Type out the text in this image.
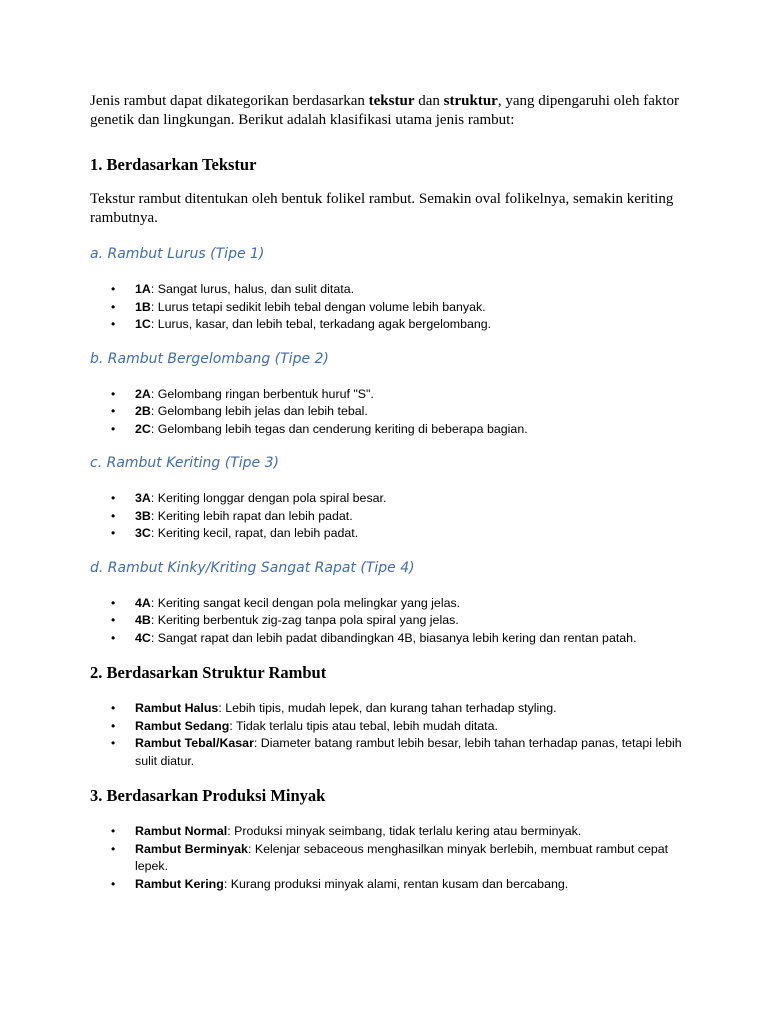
Jenis rambut dapat dikategorikan berdasarkan tekstur dan struktur, yang dipengaruhi oleh faktor genetik dan lingkungan. Berikut adalah klasifikasi utama jenis rambut:

1. Berdasarkan Tekstur

Tekstur rambut ditentukan oleh bentuk folikel rambut. Semakin oval folikelnya, semakin keriting rambutnya.

a. Rambut Lurus (Tipe 1)
• 1A: Sangat lurus, halus, dan sulit ditata.
• 1B: Lurus tetapi sedikit lebih tebal dengan volume lebih banyak.
• 1C: Lurus, kasar, dan lebih tebal, terkadang agak bergelombang.
b. Rambut Bergelombang (Tipe 2)
• 2A: Gelombang ringan berbentuk huruf "S".
• 2B: Gelombang lebih jelas dan lebih tebal.
• 2C: Gelombang lebih tegas dan cenderung keriting di beberapa bagian.
c. Rambut Keriting (Tipe 3)
• 3A: Keriting longgar dengan pola spiral besar.
• 3B: Keriting lebih rapat dan lebih padat.
• 3C: Keriting kecil, rapat, dan lebih padat.
d. Rambut Kinky/Kriting Sangat Rapat (Tipe 4)
• 4A: Keriting sangat kecil dengan pola melingkar yang jelas.
• 4B: Keriting berbentuk zig-zag tanpa pola spiral yang jelas.
• 4C: Sangat rapat dan lebih padat dibandingkan 4B, biasanya lebih kering dan rentan patah.
2. Berdasarkan Struktur Rambut
• Rambut Halus: Lebih tipis, mudah lepek, dan kurang tahan terhadap styling.
• Rambut Sedang: Tidak terlalu tipis atau tebal, lebih mudah ditata.
• Rambut Tebal/Kasar: Diameter batang rambut lebih besar, lebih tahan terhadap panas, tetapi lebih sulit diatur.
3. Berdasarkan Produksi Minyak
• Rambut Normal: Produksi minyak seimbang, tidak terlalu kering atau berminyak.
• Rambut Berminyak: Kelenjar sebaceous menghasilkan minyak berlebih, membuat rambut cepat lepek.
• Rambut Kering: Kurang produksi minyak alami, rentan kusam dan bercabang.
